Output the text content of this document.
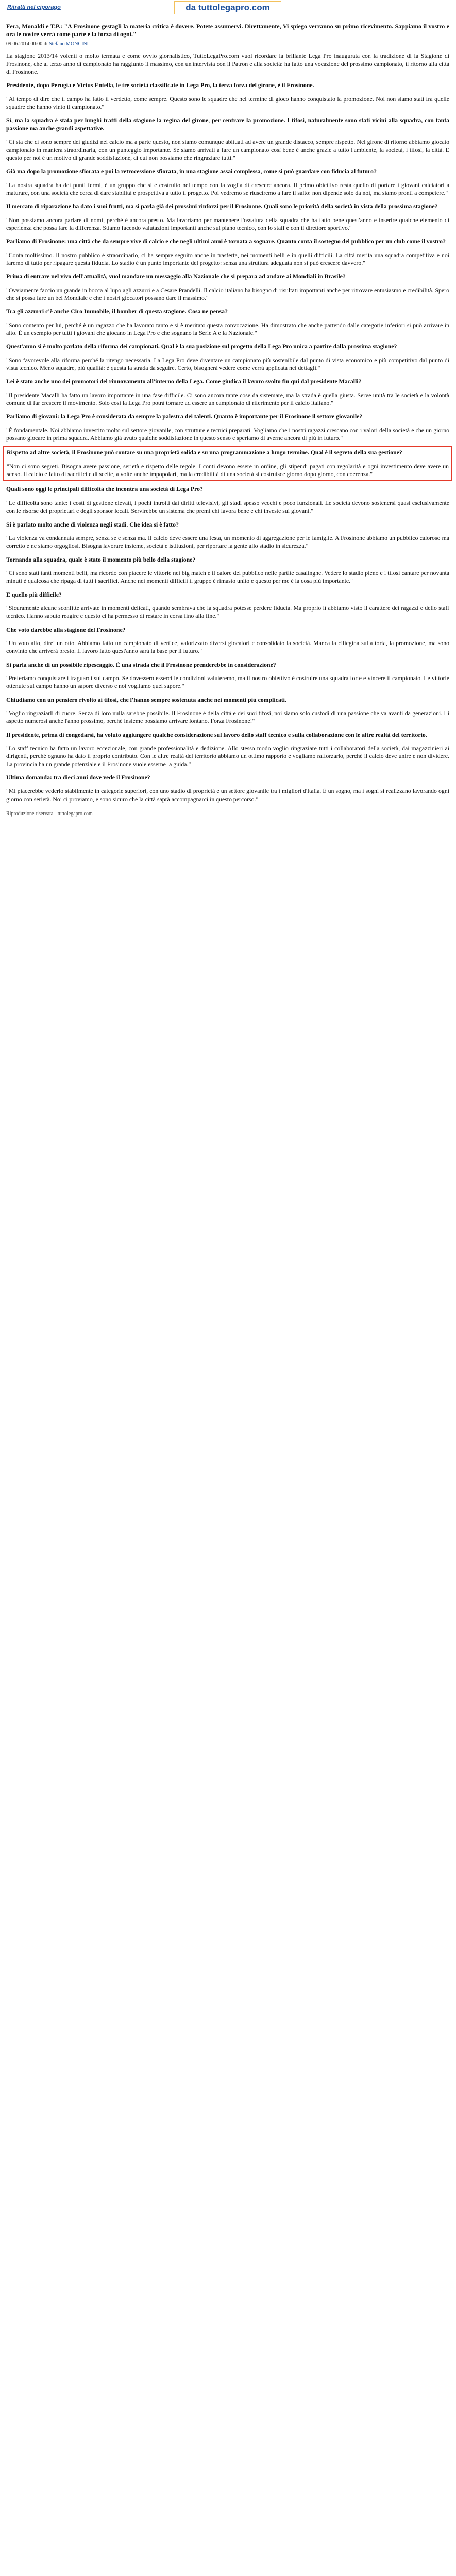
Ritratti nel ciporago	da tuttolegapro.com

Fera, Monaldi e T.P.: "A Frosinone gestagli la materia critica è dovere. Potete assumervi. Direttamente, Vi spiego verranno su primo ricevimento. Sappiamo il vostro e ora le nostre verrà come parte e la forza di ogni."

09.06.2014 00:00 di Stefano MONCINI

La stagione 2013/14 volenti o molto termata e come ovvio giornalistico, TuttoLegaPro.com vuol ricordare la brillante Lega Pro inaugurata con la tradizione di la Stagione di Frosinone, che al terzo anno di campionato ha raggiunto il massimo, con un'intervista con il Patron e alla società: ha fatto una vocazione del prossimo campionato, il ritorno alla città di Frosinone.

Presidente, dopo Perugia e Virtus Entella, le tre società classificate in Lega Pro, la terza forza del girone, è il Frosinone.

"Al tempo di dire che il campo ha fatto il verdetto, come sempre. Questo sono le squadre che nel termine di gioco hanno conquistato la promozione. Noi non siamo stati fra quelle squadre che hanno vinto il campionato."

Sì, ma la squadra è stata per lunghi tratti della stagione la regina del girone, per centrare la promozione. I tifosi, naturalmente sono stati vicini alla squadra, con tanta passione ma anche grandi aspettative.

"Ci sta che ci sono sempre dei giudizi nel calcio ma a parte questo, non siamo comunque abituati ad avere un grande distacco, sempre rispetto. Nel girone di ritorno abbiamo giocato campionato in maniera straordinaria, con un punteggio importante. Se siamo arrivati a fare un campionato così bene è anche grazie a tutto l'ambiente, la società, i tifosi, la città. E questo per noi è un motivo di grande soddisfazione, di cui non possiamo che ringraziare tutti."

Già ma dopo la promozione sfiorata e poi la retrocessione sfiorata, in una stagione assai complessa, come si può guardare con fiducia al futuro?

"La nostra squadra ha dei punti fermi, è un gruppo che si è costruito nel tempo con la voglia di crescere ancora. Il primo obiettivo resta quello di portare i giovani calciatori a maturare, con una società che cerca di dare stabilità e prospettiva a tutto il progetto. Poi vedremo se riusciremo a fare il salto: non dipende solo da noi, ma siamo pronti a competere."

Il mercato di riparazione ha dato i suoi frutti, ma si parla già dei prossimi rinforzi per il Frosinone. Quali sono le priorità della società in vista della prossima stagione?

"Non possiamo ancora parlare di nomi, perché è ancora presto. Ma lavoriamo per mantenere l'ossatura della squadra che ha fatto bene quest'anno e inserire qualche elemento di esperienza che possa fare la differenza. Stiamo facendo valutazioni importanti anche sul piano tecnico, con lo staff e con il direttore sportivo."

Parliamo di Frosinone: una città che da sempre vive di calcio e che negli ultimi anni è tornata a sognare. Quanto conta il sostegno del pubblico per un club come il vostro?

"Conta moltissimo. Il nostro pubblico è straordinario, ci ha sempre seguito anche in trasferta, nei momenti belli e in quelli difficili. La città merita una squadra competitiva e noi faremo di tutto per ripagare questa fiducia. Lo stadio è un punto importante del progetto: senza una struttura adeguata non si può crescere davvero."

Prima di entrare nel vivo dell'attualità, vuol mandare un messaggio alla Nazionale che si prepara ad andare ai Mondiali in Brasile?

"Ovviamente faccio un grande in bocca al lupo agli azzurri e a Cesare Prandelli. Il calcio italiano ha bisogno di risultati importanti anche per ritrovare entusiasmo e credibilità. Spero che si possa fare un bel Mondiale e che i nostri giocatori possano dare il massimo."

Tra gli azzurri c'è anche Ciro Immobile, il bomber di questa stagione. Cosa ne pensa?

"Sono contento per lui, perché è un ragazzo che ha lavorato tanto e si è meritato questa convocazione. Ha dimostrato che anche partendo dalle categorie inferiori si può arrivare in alto. È un esempio per tutti i giovani che giocano in Lega Pro e che sognano la Serie A e la Nazionale."

Quest'anno si è molto parlato della riforma dei campionati. Qual è la sua posizione sul progetto della Lega Pro unica a partire dalla prossima stagione?

"Sono favorevole alla riforma perché la ritengo necessaria. La Lega Pro deve diventare un campionato più sostenibile dal punto di vista economico e più competitivo dal punto di vista tecnico. Meno squadre, più qualità: è questa la strada da seguire. Certo, bisognerà vedere come verrà applicata nei dettagli."

Lei è stato anche uno dei promotori del rinnovamento all'interno della Lega. Come giudica il lavoro svolto fin qui dal presidente Macalli?

"Il presidente Macalli ha fatto un lavoro importante in una fase difficile. Ci sono ancora tante cose da sistemare, ma la strada è quella giusta. Serve unità tra le società e la volontà comune di far crescere il movimento. Solo così la Lega Pro potrà tornare ad essere un campionato di riferimento per il calcio italiano."

Parliamo di giovani: la Lega Pro è considerata da sempre la palestra dei talenti. Quanto è importante per il Frosinone il settore giovanile?

"È fondamentale. Noi abbiamo investito molto sul settore giovanile, con strutture e tecnici preparati. Vogliamo che i nostri ragazzi crescano con i valori della società e che un giorno possano giocare in prima squadra. Abbiamo già avuto qualche soddisfazione in questo senso e speriamo di averne ancora di più in futuro."

Rispetto ad altre società, il Frosinone può contare su una proprietà solida e su una programmazione a lungo termine. Qual è il segreto della sua gestione?

"Non ci sono segreti. Bisogna avere passione, serietà e rispetto delle regole. I conti devono essere in ordine, gli stipendi pagati con regolarità e ogni investimento deve avere un senso. Il calcio è fatto di sacrifici e di scelte, a volte anche impopolari, ma la credibilità di una società si costruisce giorno dopo giorno, con coerenza."

Quali sono oggi le principali difficoltà che incontra una società di Lega Pro?

"Le difficoltà sono tante: i costi di gestione elevati, i pochi introiti dai diritti televisivi, gli stadi spesso vecchi e poco funzionali. Le società devono sostenersi quasi esclusivamente con le risorse dei proprietari e degli sponsor locali. Servirebbe un sistema che premi chi lavora bene e chi investe sui giovani."

Si è parlato molto anche di violenza negli stadi. Che idea si è fatto?

"La violenza va condannata sempre, senza se e senza ma. Il calcio deve essere una festa, un momento di aggregazione per le famiglie. A Frosinone abbiamo un pubblico caloroso ma corretto e ne siamo orgogliosi. Bisogna lavorare insieme, società e istituzioni, per riportare la gente allo stadio in sicurezza."

Tornando alla squadra, quale è stato il momento più bello della stagione?

"Ci sono stati tanti momenti belli, ma ricordo con piacere le vittorie nei big match e il calore del pubblico nelle partite casalinghe. Vedere lo stadio pieno e i tifosi cantare per novanta minuti è qualcosa che ripaga di tutti i sacrifici. Anche nei momenti difficili il gruppo è rimasto unito e questo per me è la cosa più importante."

E quello più difficile?

"Sicuramente alcune sconfitte arrivate in momenti delicati, quando sembrava che la squadra potesse perdere fiducia. Ma proprio lì abbiamo visto il carattere dei ragazzi e dello staff tecnico. Hanno saputo reagire e questo ci ha permesso di restare in corsa fino alla fine."

Che voto darebbe alla stagione del Frosinone?

"Un voto alto, direi un otto. Abbiamo fatto un campionato di vertice, valorizzato diversi giocatori e consolidato la società. Manca la ciliegina sulla torta, la promozione, ma sono convinto che arriverà presto. Il lavoro fatto quest'anno sarà la base per il futuro."

Si parla anche di un possibile ripescaggio. È una strada che il Frosinone prenderebbe in considerazione?

"Preferiamo conquistare i traguardi sul campo. Se dovessero esserci le condizioni valuteremo, ma il nostro obiettivo è costruire una squadra forte e vincere il campionato. Le vittorie ottenute sul campo hanno un sapore diverso e noi vogliamo quel sapore."

Chiudiamo con un pensiero rivolto ai tifosi, che l'hanno sempre sostenuta anche nei momenti più complicati.

"Voglio ringraziarli di cuore. Senza di loro nulla sarebbe possibile. Il Frosinone è della città e dei suoi tifosi, noi siamo solo custodi di una passione che va avanti da generazioni. Li aspetto numerosi anche l'anno prossimo, perché insieme possiamo arrivare lontano. Forza Frosinone!"

Il presidente, prima di congedarsi, ha voluto aggiungere qualche considerazione sul lavoro dello staff tecnico e sulla collaborazione con le altre realtà del territorio.

"Lo staff tecnico ha fatto un lavoro eccezionale, con grande professionalità e dedizione. Allo stesso modo voglio ringraziare tutti i collaboratori della società, dai magazzinieri ai dirigenti, perché ognuno ha dato il proprio contributo. Con le altre realtà del territorio abbiamo un ottimo rapporto e vogliamo rafforzarlo, perché il calcio deve unire e non dividere. La provincia ha un grande potenziale e il Frosinone vuole esserne la guida."

Ultima domanda: tra dieci anni dove vede il Frosinone?

"Mi piacerebbe vederlo stabilmente in categorie superiori, con uno stadio di proprietà e un settore giovanile tra i migliori d'Italia. È un sogno, ma i sogni si realizzano lavorando ogni giorno con serietà. Noi ci proviamo, e sono sicuro che la città saprà accompagnarci in questo percorso."

Riproduzione riservata - tuttolegapro.com
